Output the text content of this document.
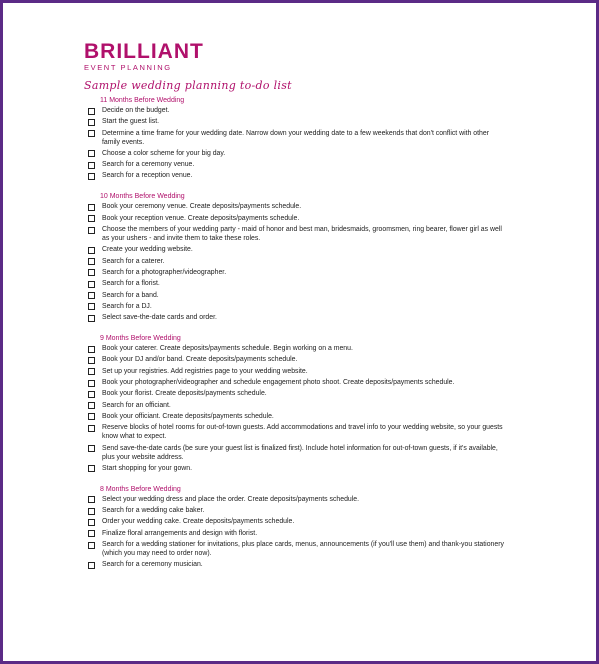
BRILLIANT
EVENT PLANNING
Sample wedding planning to-do list
11 Months Before Wedding
Decide on the budget.
Start the guest list.
Determine a time frame for your wedding date. Narrow down your wedding date to a few weekends that don't conflict with other family events.
Choose a color scheme for your big day.
Search for a ceremony venue.
Search for a reception venue.
10 Months Before Wedding
Book your ceremony venue. Create deposits/payments schedule.
Book your reception venue. Create deposits/payments schedule.
Choose the members of your wedding party - maid of honor and best man, bridesmaids, groomsmen, ring bearer, flower girl as well as your ushers - and invite them to take these roles.
Create your wedding website.
Search for a caterer.
Search for a photographer/videographer.
Search for a florist.
Search for a band.
Search for a DJ.
Select save-the-date cards and order.
9 Months Before Wedding
Book your caterer. Create deposits/payments schedule. Begin working on a menu.
Book your DJ and/or band. Create deposits/payments schedule.
Set up your registries. Add registries page to your wedding website.
Book your photographer/videographer and schedule engagement photo shoot. Create deposits/payments schedule.
Book your florist. Create deposits/payments schedule.
Search for an officiant.
Book your officiant. Create deposits/payments schedule.
Reserve blocks of hotel rooms for out-of-town guests. Add accommodations and travel info to your wedding website, so your guests know what to expect.
Send save-the-date cards (be sure your guest list is finalized first). Include hotel information for out-of-town guests, if it's available, plus your website address.
Start shopping for your gown.
8 Months Before Wedding
Select your wedding dress and place the order. Create deposits/payments schedule.
Search for a wedding cake baker.
Order your wedding cake. Create deposits/payments schedule.
Finalize floral arrangements and design with florist.
Search for a wedding stationer for invitations, plus place cards, menus, announcements (if you'll use them) and thank-you stationery (which you may need to order now).
Search for a ceremony musician.
